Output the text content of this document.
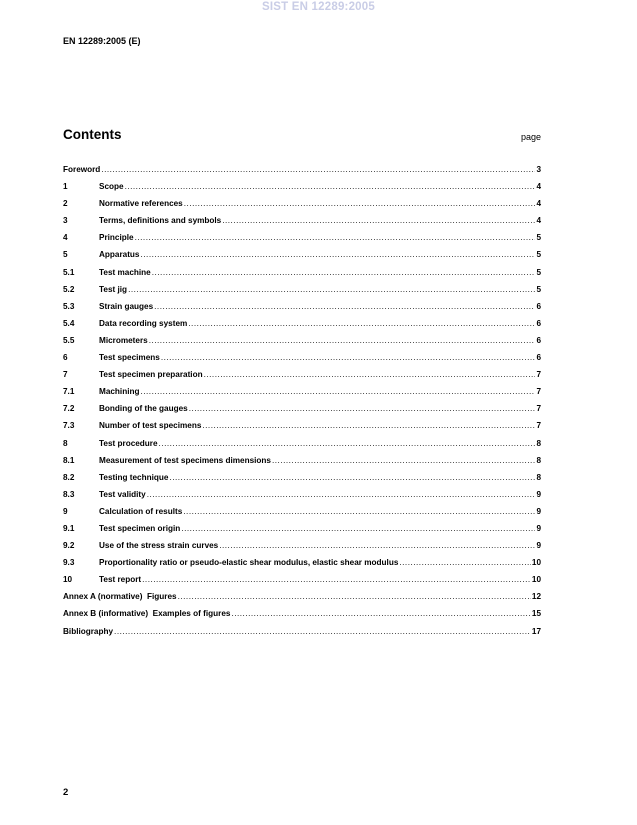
SIST EN 12289:2005
EN 12289:2005 (E)
Contents	page
Foreword .....	3
1	Scope .....	4
2	Normative references .....	4
3	Terms, definitions and symbols .....	4
4	Principle .....	5
5	Apparatus .....	5
5.1	Test machine .....	5
5.2	Test jig .....	5
5.3	Strain gauges .....	6
5.4	Data recording system .....	6
5.5	Micrometers .....	6
6	Test specimens .....	6
7	Test specimen preparation .....	7
7.1	Machining .....	7
7.2	Bonding of the gauges .....	7
7.3	Number of test specimens .....	7
8	Test procedure .....	8
8.1	Measurement of test specimens dimensions .....	8
8.2	Testing technique .....	8
8.3	Test validity .....	9
9	Calculation of results .....	9
9.1	Test specimen origin .....	9
9.2	Use of the stress strain curves .....	9
9.3	Proportionality ratio or pseudo-elastic shear modulus, elastic shear modulus .....	10
10	Test report .....	10
Annex A (normative)  Figures .....	12
Annex B (informative)  Examples of figures .....	15
Bibliography .....	17
2
